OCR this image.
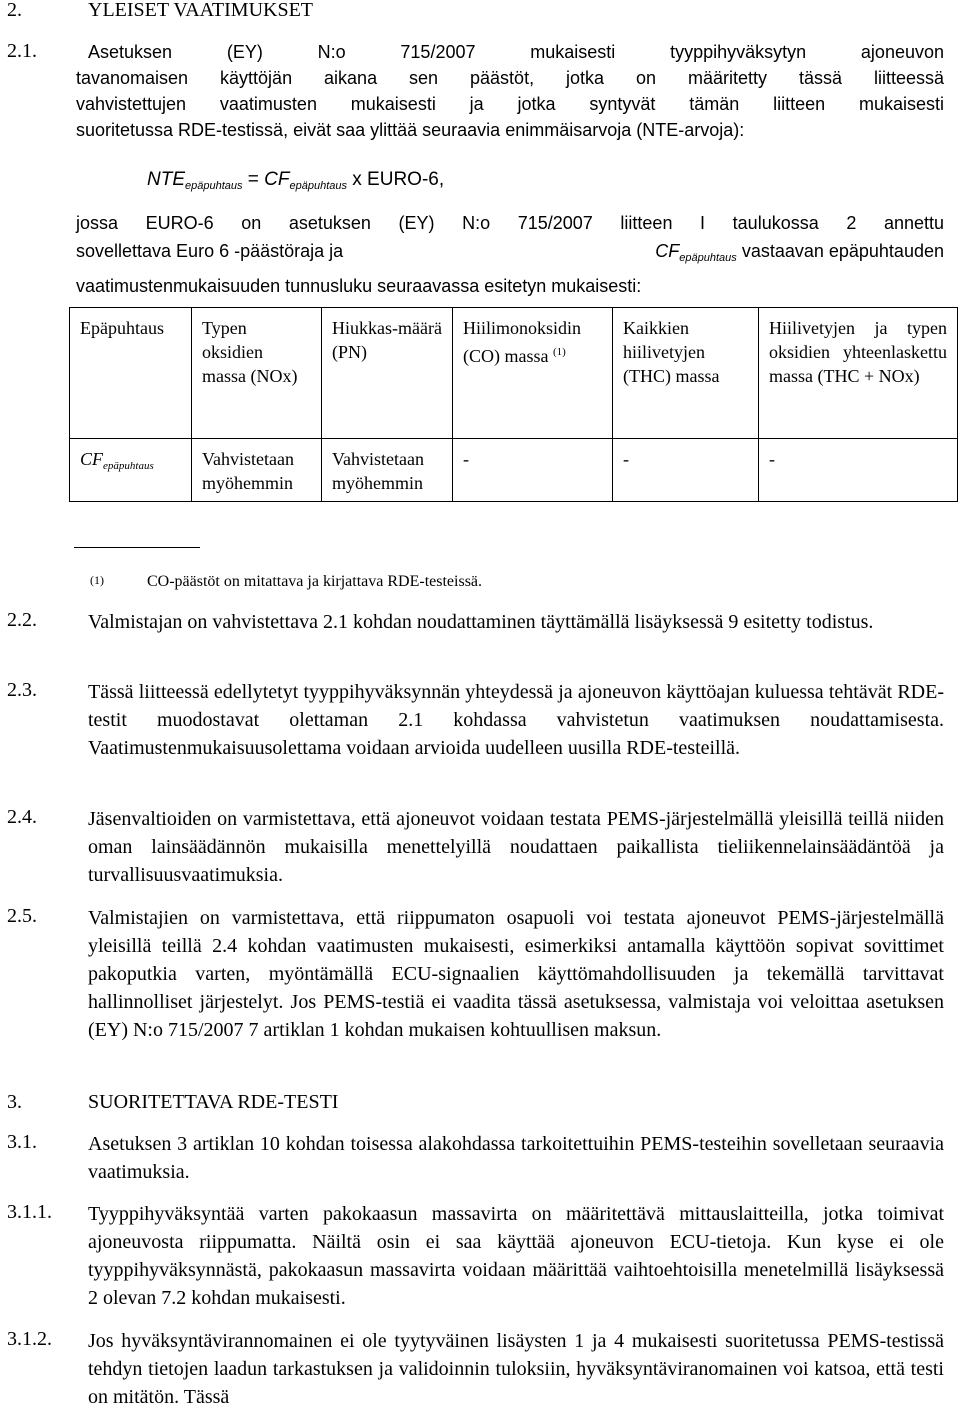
2.	YLEISET VAATIMUKSET
2.1.	Asetuksen (EY) N:o 715/2007 mukaisesti tyyppihyväksytyn ajoneuvon
tavanomaisen käyttöjän aikana sen päästöt, jotka on määritetty tässä liitteessä
vahvistettujen vaatimusten mukaisesti ja jotka syntyvät tämän liitteen mukaisesti
suoritetussa RDE-testissä, eivät saa ylittää seuraavia enimmäisarvoja (NTE-arvoja):
$NTE_{epäpuhtaus} = CF_{epäpuhtaus}$ x EURO-6,
jossa EURO-6 on asetuksen (EY) N:o 715/2007 liitteen I taulukossa 2 annettu
sovellettava Euro 6 -päästöraja ja	$CF_{epäpuhtaus}$ vastaavan epäpuhtauden
vaatimustenmukaisuuden tunnusluku seuraavassa esitetyn mukaisesti:
Epäpuhtaus	Typen oksidien massa (NOx)	Hiukkas-määrä (PN)	Hiilimonoksidin (CO) massa $^{(1)}$	Kaikkien hiilivetyjen (THC) massa	Hiilivetyjen ja typen oksidien yhteenlaskettu massa (THC + NOx)
$CF_{epäpuhtaus}$	Vahvistetaan myöhemmin	Vahvistetaan myöhemmin	-	-	-
(1)	CO-päästöt on mitattava ja kirjattava RDE-testeissä.
2.2.	Valmistajan on vahvistettava 2.1 kohdan noudattaminen täyttämällä lisäyksessä 9 esitetty todistus.
2.3.	Tässä liitteessä edellytetyt tyyppihyväksynnän yhteydessä ja ajoneuvon käyttöajan kuluessa tehtävät RDE-testit muodostavat olettaman 2.1 kohdassa vahvistetun vaatimuksen noudattamisesta. Vaatimustenmukaisuusolettama voidaan arvioida uudelleen uusilla RDE-testeillä.
2.4.	Jäsenvaltioiden on varmistettava, että ajoneuvot voidaan testata PEMS-järjestelmällä yleisillä teillä niiden oman lainsäädännön mukaisilla menettelyillä noudattaen paikallista tieliikennelainsäädäntöä ja turvallisuusvaatimuksia.
2.5.	Valmistajien on varmistettava, että riippumaton osapuoli voi testata ajoneuvot PEMS-järjestelmällä yleisillä teillä 2.4 kohdan vaatimusten mukaisesti, esimerkiksi antamalla käyttöön sopivat sovittimet pakoputkia varten, myöntämällä ECU-signaalien käyttömahdollisuuden ja tekemällä tarvittavat hallinnolliset järjestelyt. Jos PEMS-testiä ei vaadita tässä asetuksessa, valmistaja voi veloittaa asetuksen (EY) N:o 715/2007 7 artiklan 1 kohdan mukaisen kohtuullisen maksun.
3.	SUORITETTAVA RDE-TESTI
3.1.	Asetuksen 3 artiklan 10 kohdan toisessa alakohdassa tarkoitettuihin PEMS-testeihin sovelletaan seuraavia vaatimuksia.
3.1.1. Tyyppihyväksyntää varten pakokaasun massavirta on määritettävä mittauslaitteilla, jotka toimivat ajoneuvosta riippumatta. Näiltä osin ei saa käyttää ajoneuvon ECU-tietoja. Kun kyse ei ole tyyppihyväksynnästä, pakokaasun massavirta voidaan määrittää vaihtoehtoisilla menetelmillä lisäyksessä 2 olevan 7.2 kohdan mukaisesti.
3.1.2. Jos hyväksyntävirannomainen ei ole tyytyväinen lisäysten 1 ja 4 mukaisesti suoritetussa PEMS-testissä tehdyn tietojen laadun tarkastuksen ja validoinnin tuloksiin, hyväksyntäviranomainen voi katsoa, että testi on mitätön. Tässä
